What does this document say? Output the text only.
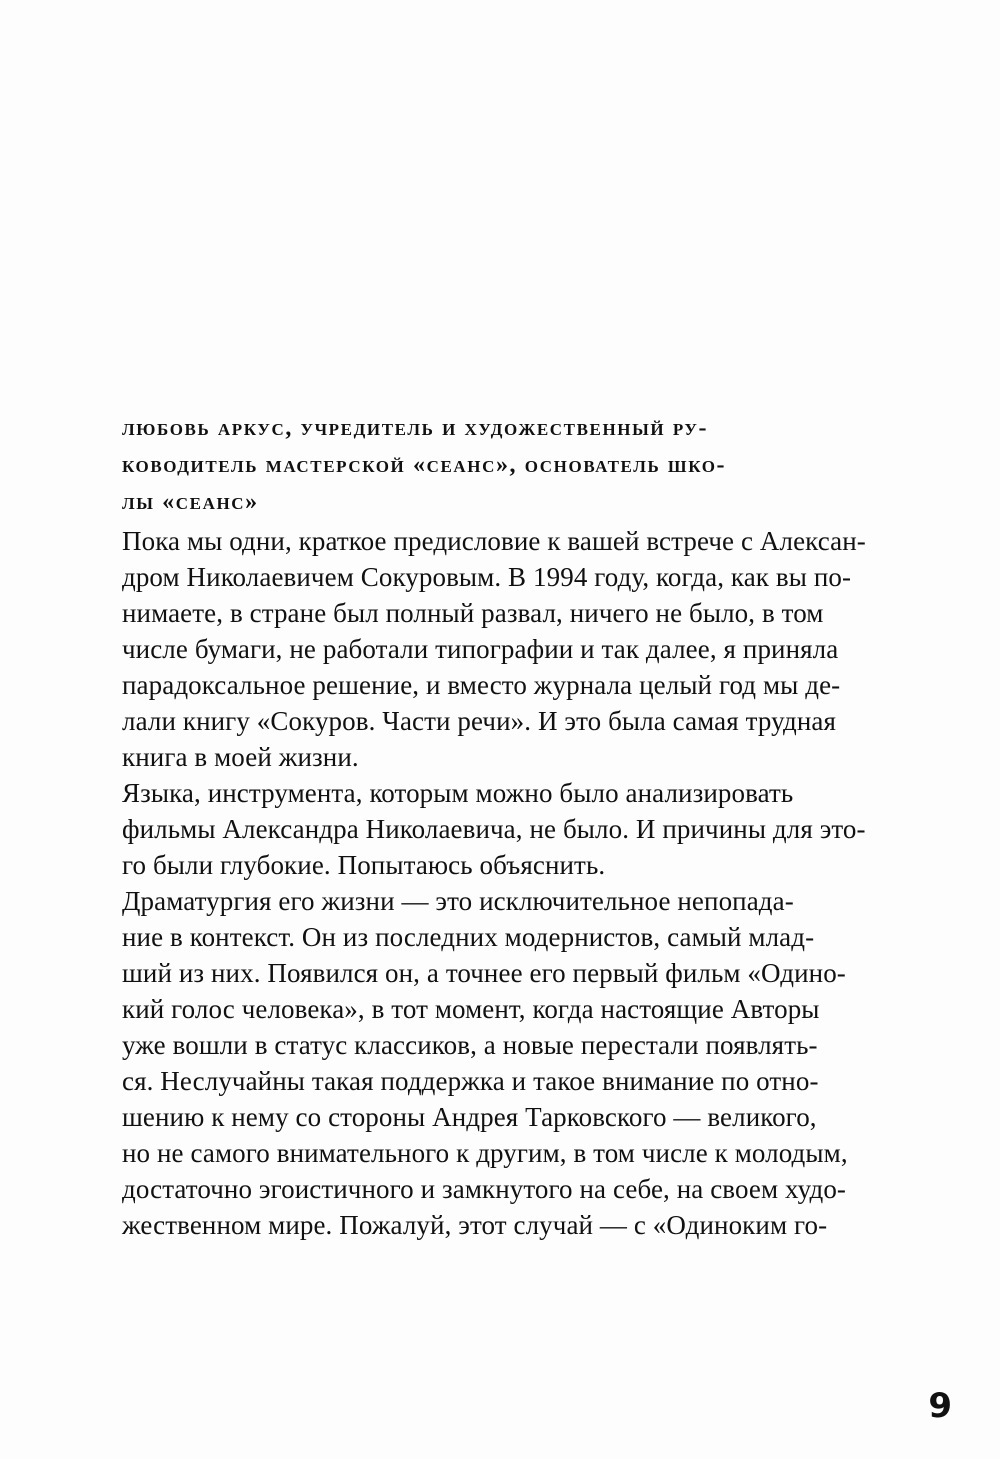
любовь аркус, учредитель и художественный ру-
ководитель мастерской «сеанс», основатель шко-
лы «сеанс»
Пока мы одни, краткое предисловие к вашей встрече с Алексан-
дром Николаевичем Сокуровым. В 1994 году, когда, как вы по-
нимаете, в стране был полный развал, ничего не было, в том
числе бумаги, не работали типографии и так далее, я приняла
парадоксальное решение, и вместо журнала целый год мы де-
лали книгу «Сокуров. Части речи». И это была самая трудная
книга в моей жизни.
Языка, инструмента, которым можно было анализировать
фильмы Александра Николаевича, не было. И причины для это-
го были глубокие. Попытаюсь объяснить.
Драматургия его жизни — это исключительное непопада-
ние в контекст. Он из последних модернистов, самый млад-
ший из них. Появился он, а точнее его первый фильм «Одино-
кий голос человека», в тот момент, когда настоящие Авторы
уже вошли в статус классиков, а новые перестали появлять-
ся. Неслучайны такая поддержка и такое внимание по отно-
шению к нему со стороны Андрея Тарковского — великого,
но не самого внимательного к другим, в том числе к молодым,
достаточно эгоистичного и замкнутого на себе, на своем худо-
жественном мире. Пожалуй, этот случай — с «Одиноким го-
9
